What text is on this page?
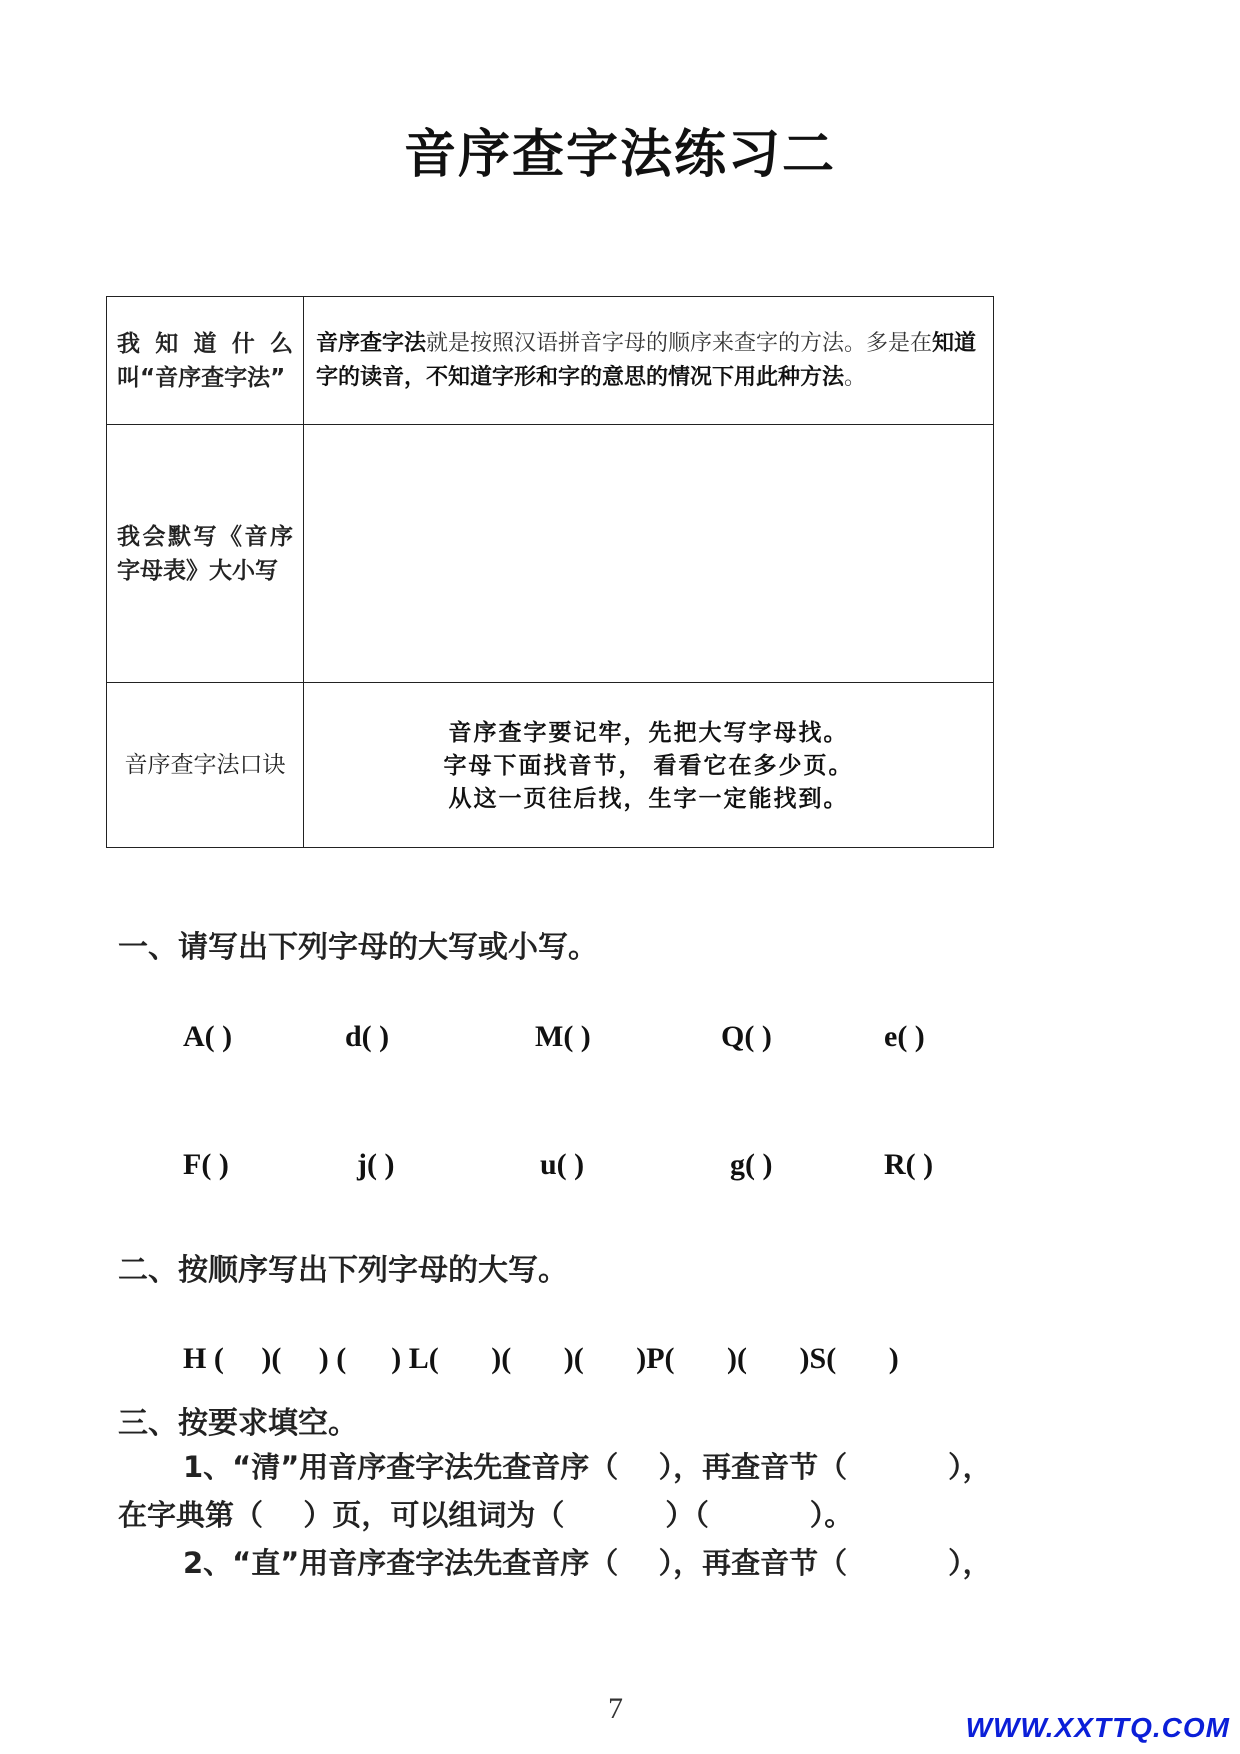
音序查字法练习二
我知道什么叫“音序查字法”	音序查字法就是按照汉语拼音字母的顺序来查字的方法。多是在知道字的读音，不知道字形和字的意思的情况下用此种方法。
我会默写《音序字母表》大小写	
音序查字法口诀	音序查字要记牢，先把大写字母找。
字母下面找音节， 看看它在多少页。
从这一页往后找，生字一定能找到。
一、请写出下列字母的大写或小写。
A( )	d( )	M( )	Q( )	e( )
F( )	j( )	u( )	g( )	R( )
二、按顺序写出下列字母的大写。
H (     )(     ) (      ) L(       )(       )(       )P(       )(       )S(       )
三、按要求填空。
1、“清”用音序查字法先查音序（    ），再查音节（          ），
在字典第（    ）页，可以组词为（          ）（          ）。
2、“直”用音序查字法先查音序（    ），再查音节（          ），
7
WWW.XXTTQ.COM
